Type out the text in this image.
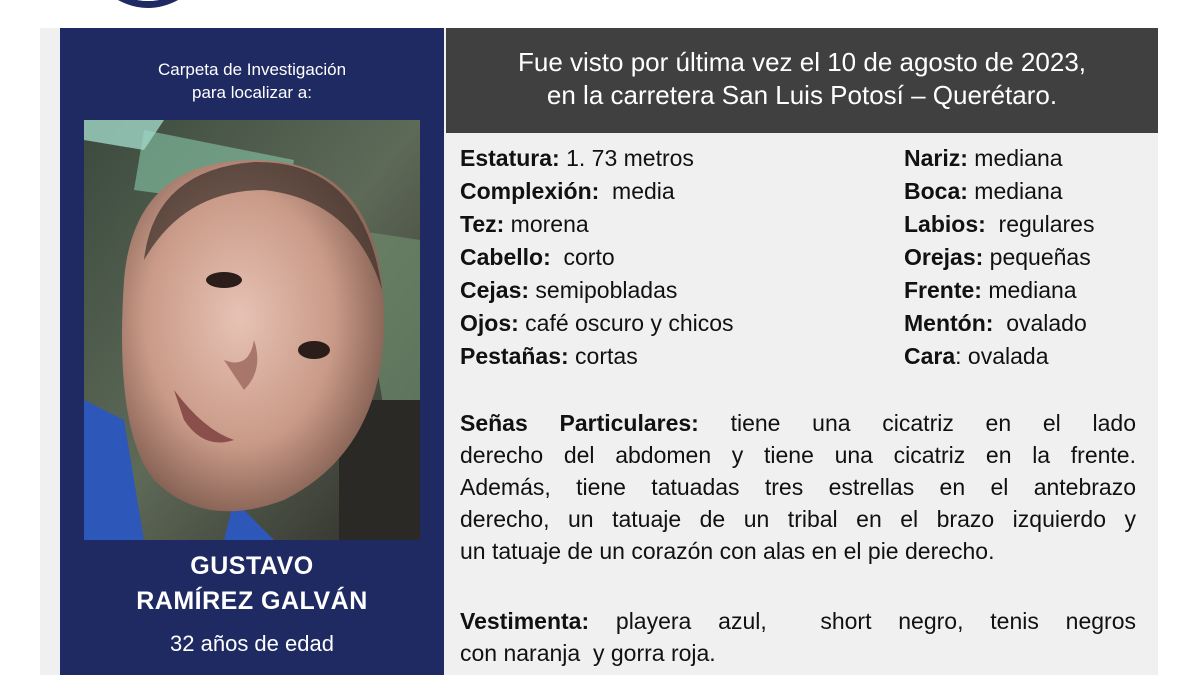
Carpeta de Investigación
para localizar a:
GUSTAVO
RAMÍREZ GALVÁN
32 años de edad
Fue visto por última vez el 10 de agosto de 2023,
en la carretera San Luis Potosí – Querétaro.
Estatura: 1. 73 metros
Complexión:  media
Tez: morena
Cabello:  corto
Cejas: semipobladas
Ojos: café oscuro y chicos
Pestañas: cortas
Nariz: mediana
Boca: mediana
Labios:  regulares
Orejas: pequeñas
Frente: mediana
Mentón:  ovalado
Cara: ovalada
Señas Particulares: tiene una cicatriz en el lado
derecho del abdomen y tiene una cicatriz en la frente.
Además, tiene tatuadas tres estrellas en el antebrazo
derecho, un tatuaje de un tribal en el brazo izquierdo y
un tatuaje de un corazón con alas en el pie derecho.
Vestimenta: playera azul,  short negro, tenis negros
con naranja  y gorra roja.
